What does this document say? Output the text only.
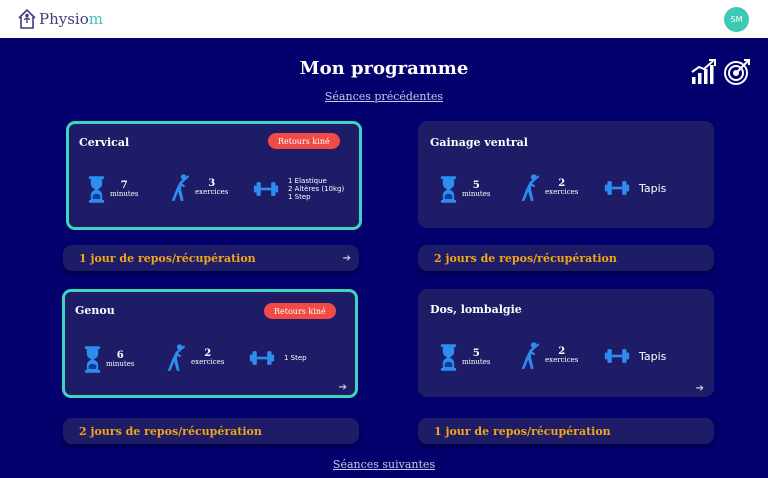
Physiom	SM
Mon programme
Séances précédentes
Cervical	Retours kiné
7
minutes
3
exercices
1 Elastique
2 Altères (10kg)
1 Step
Gainage ventral
5
minutes
2
exercices	Tapis
1 jour de repos/récupération	➔	2 jours de repos/récupération
Genou	Retours kiné
6
minutes
2
exercices	1 Step
➔
Dos, lombalgie
5
minutes
2
exercices	Tapis
➔
2 jours de repos/récupération	1 jour de repos/récupération
Séances suivantes
